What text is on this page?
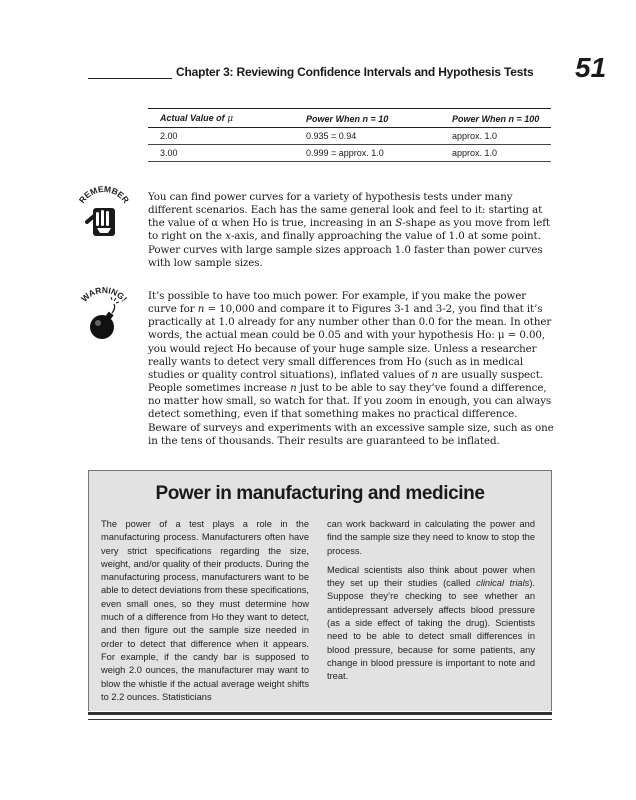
Chapter 3: Reviewing Confidence Intervals and Hypothesis Tests 51
Actual Value of μ	Power When n = 10	Power When n = 100
2.00	0.935 = 0.94	approx. 1.0
3.00	0.999 = approx. 1.0	approx. 1.0
REMEMBER You can find power curves for a variety of hypothesis tests under many different scenarios. Each has the same general look and feel to it: starting at the value of α when Ho is true, increasing in an S-shape as you move from left to right on the x-axis, and finally approaching the value of 1.0 at some point. Power curves with large sample sizes approach 1.0 faster than power curves with low sample sizes.
WARNING! It’s possible to have too much power. For example, if you make the power curve for n = 10,000 and compare it to Figures 3-1 and 3-2, you find that it’s practically at 1.0 already for any number other than 0.0 for the mean. In other words, the actual mean could be 0.05 and with your hypothesis Ho: μ = 0.00, you would reject Ho because of your huge sample size. Unless a researcher really wants to detect very small differences from Ho (such as in medical studies or quality control situations), inflated values of n are usually suspect. People sometimes increase n just to be able to say they’ve found a difference, no matter how small, so watch for that. If you zoom in enough, you can always detect something, even if that something makes no practical difference. Beware of surveys and experiments with an excessive sample size, such as one in the tens of thousands. Their results are guaranteed to be inflated.
Power in manufacturing and medicine

The power of a test plays a role in the manufacturing process. Manufacturers often have very strict specifications regarding the size, weight, and/or quality of their products. During the manufacturing process, manufacturers want to be able to detect deviations from these specifications, even small ones, so they must determine how much of a difference from Ho they want to detect, and then figure out the sample size needed in order to detect that difference when it appears. For example, if the candy bar is supposed to weigh 2.0 ounces, the manufacturer may want to blow the whistle if the actual average weight shifts to 2.2 ounces. Statisticians

can work backward in calculating the power and find the sample size they need to know to stop the process.

Medical scientists also think about power when they set up their studies (called clinical trials). Suppose they’re checking to see whether an antidepressant adversely affects blood pressure (as a side effect of taking the drug). Scientists need to be able to detect small differences in blood pressure, because for some patients, any change in blood pressure is important to note and treat.
